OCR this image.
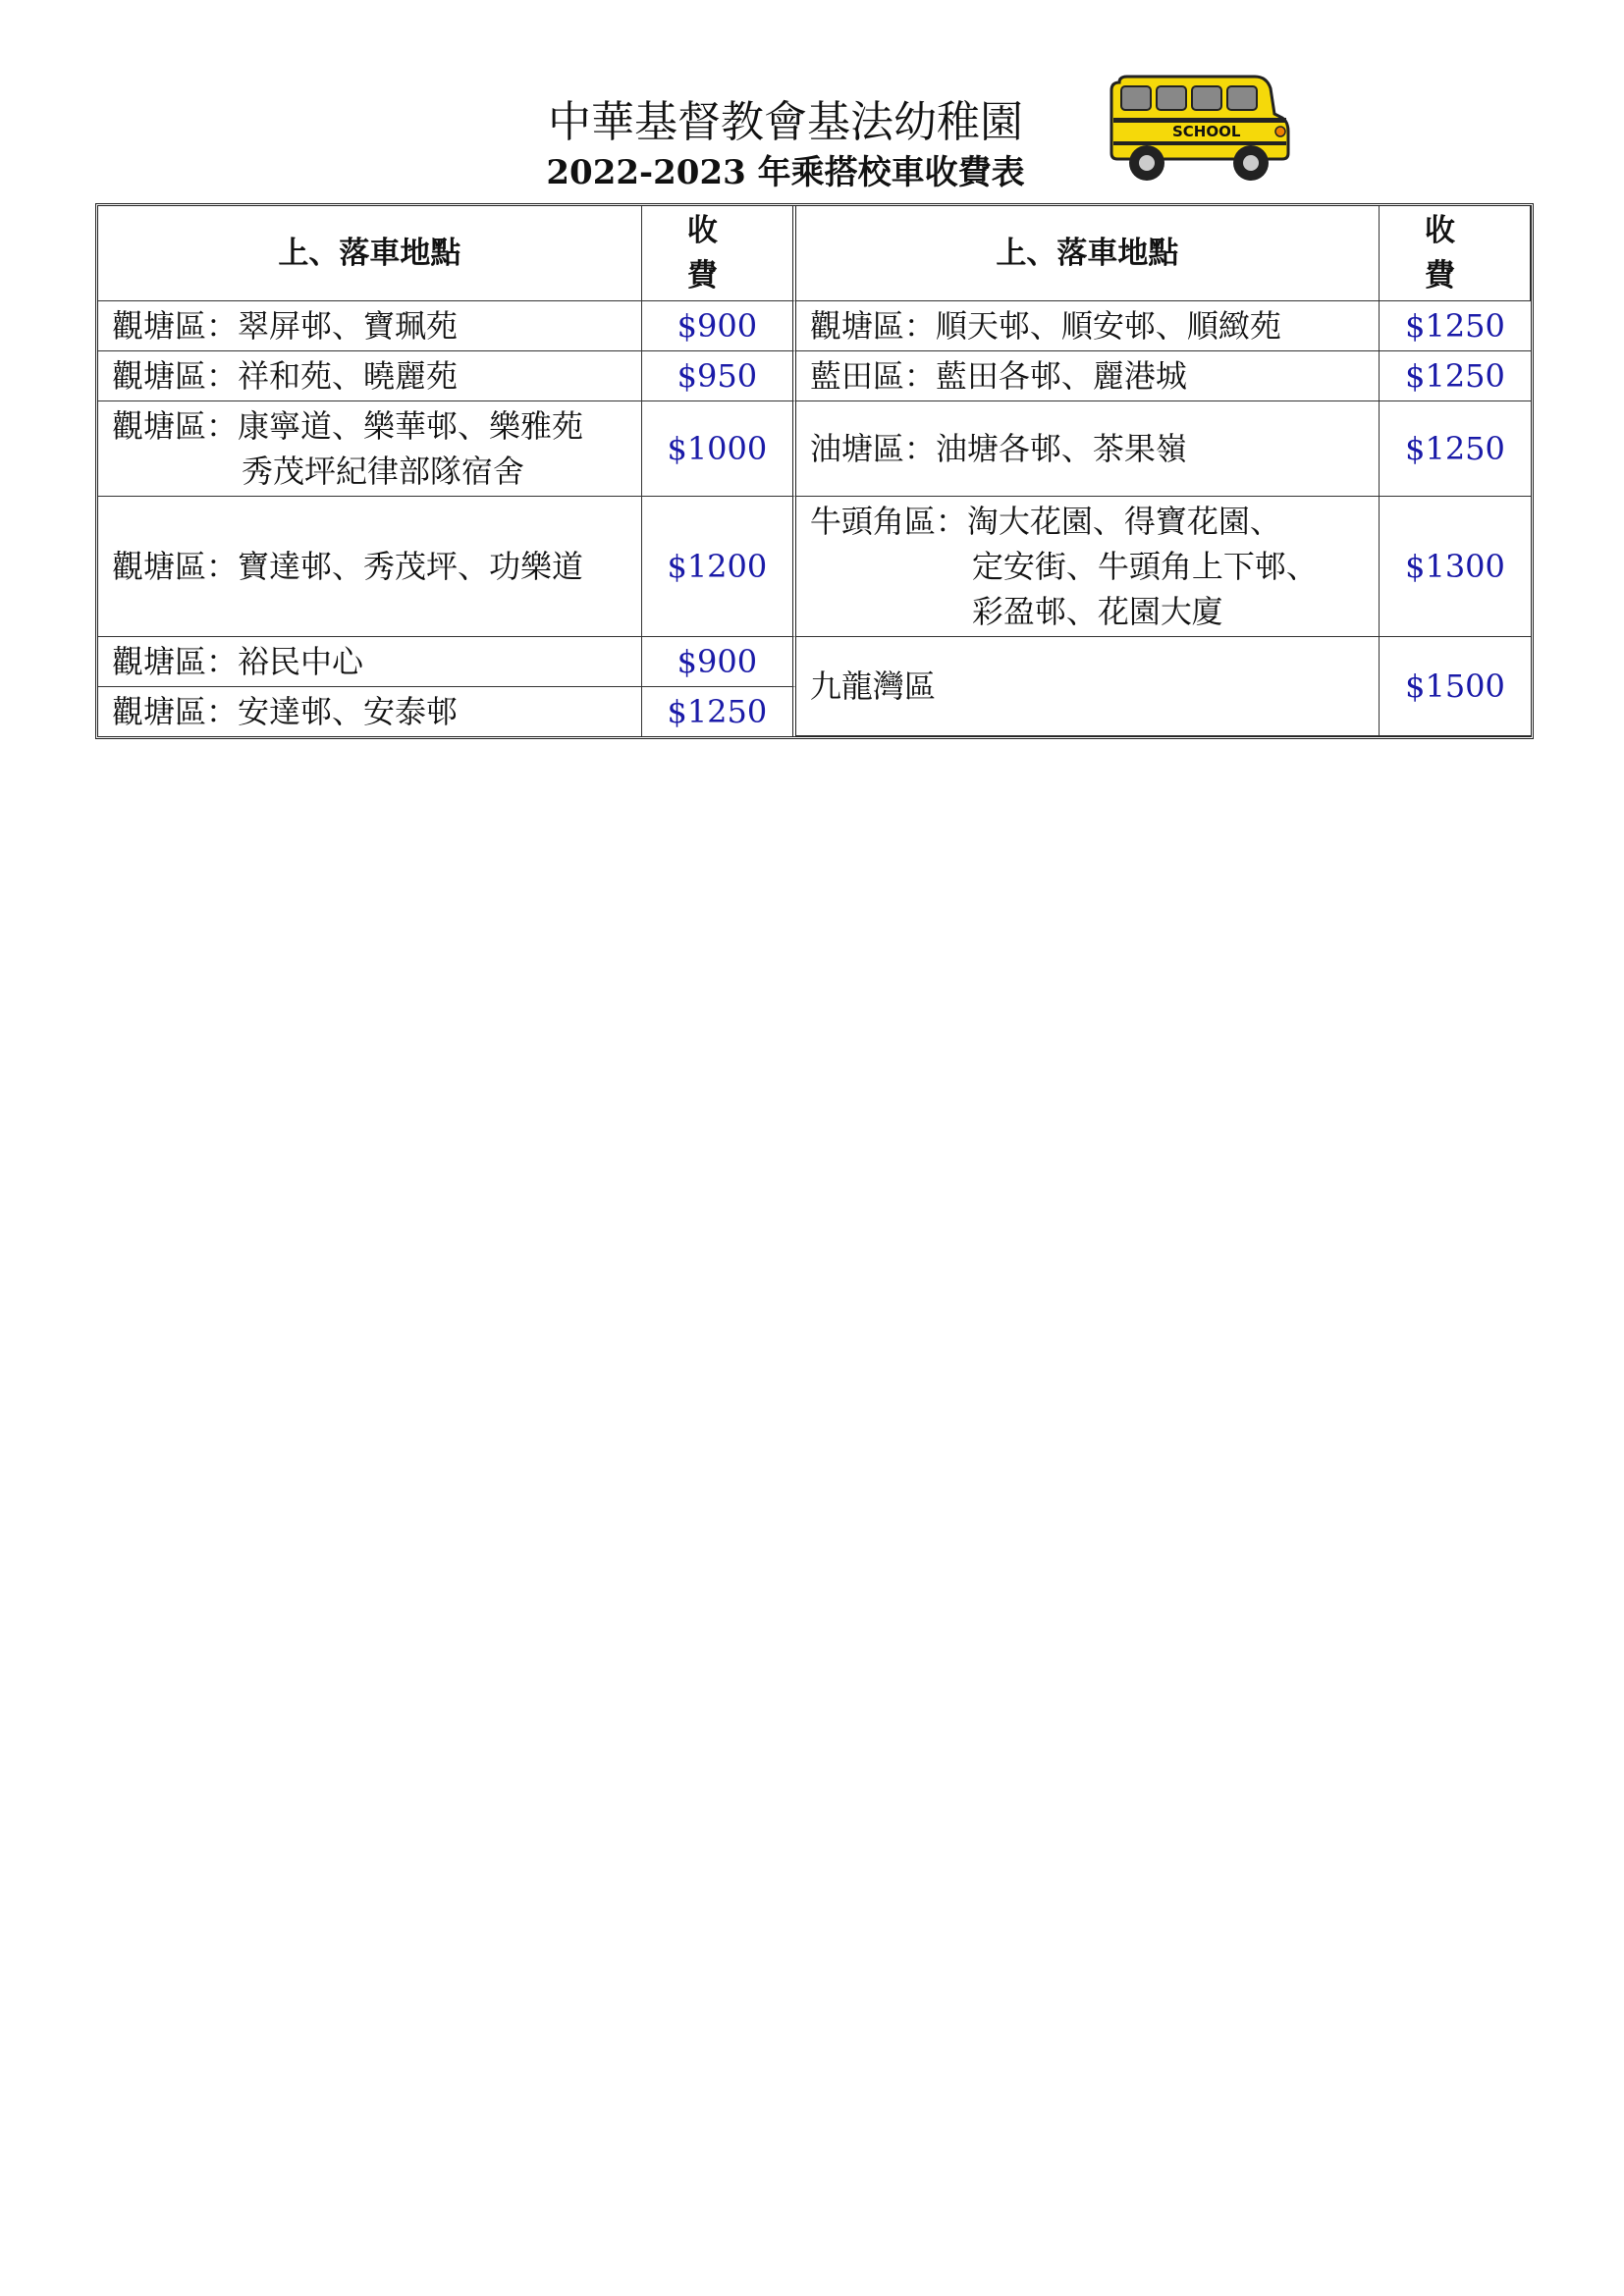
中華基督教會基法幼稚園
2022-2023 年乘搭校車收費表
SCHOOL
上、落車地點	收 費	上、落車地點	收 費
觀塘區：翠屏邨、寶珮苑	$900	觀塘區：順天邨、順安邨、順緻苑	$1250
觀塘區：祥和苑、曉麗苑	$950	藍田區：藍田各邨、麗港城	$1250

觀塘區：康寧道、樂華邨、樂雅苑
秀茂坪紀律部隊宿舍	$1000	油塘區：油塘各邨、茶果嶺	$1250
觀塘區：寶達邨、秀茂坪、功樂道	$1200	牛頭角區：淘大花園、得寶花園、
定安街、牛頭角上下邨、
彩盈邨、花園大廈	$1300
觀塘區：裕民中心	$900	九龍灣區	$1500
觀塘區：安達邨、安泰邨	$1250		
